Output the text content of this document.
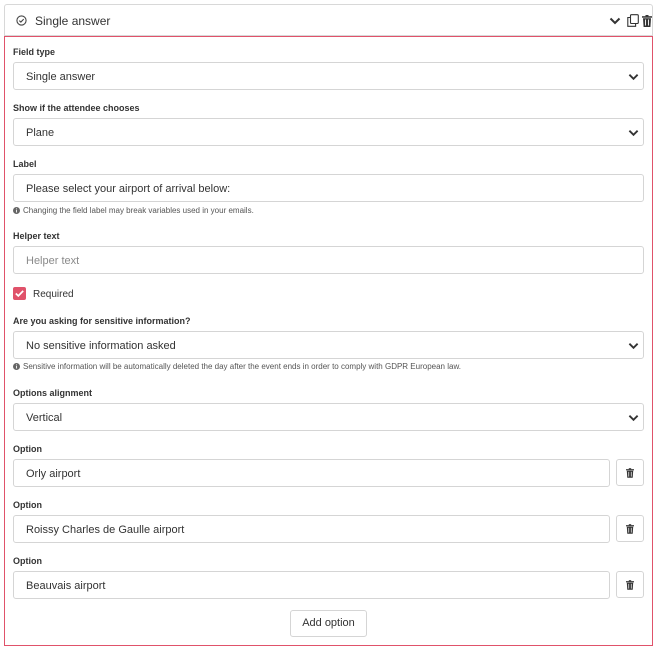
Single answer
Field type
Single answer
Show if the attendee chooses
Plane
Label
Please select your airport of arrival below:
Changing the field label may break variables used in your emails.
Helper text
Helper text
Required
Are you asking for sensitive information?
No sensitive information asked
Sensitive information will be automatically deleted the day after the event ends in order to comply with GDPR European law.
Options alignment
Vertical
Option
Orly airport
Option
Roissy Charles de Gaulle airport
Option
Beauvais airport
Add option
